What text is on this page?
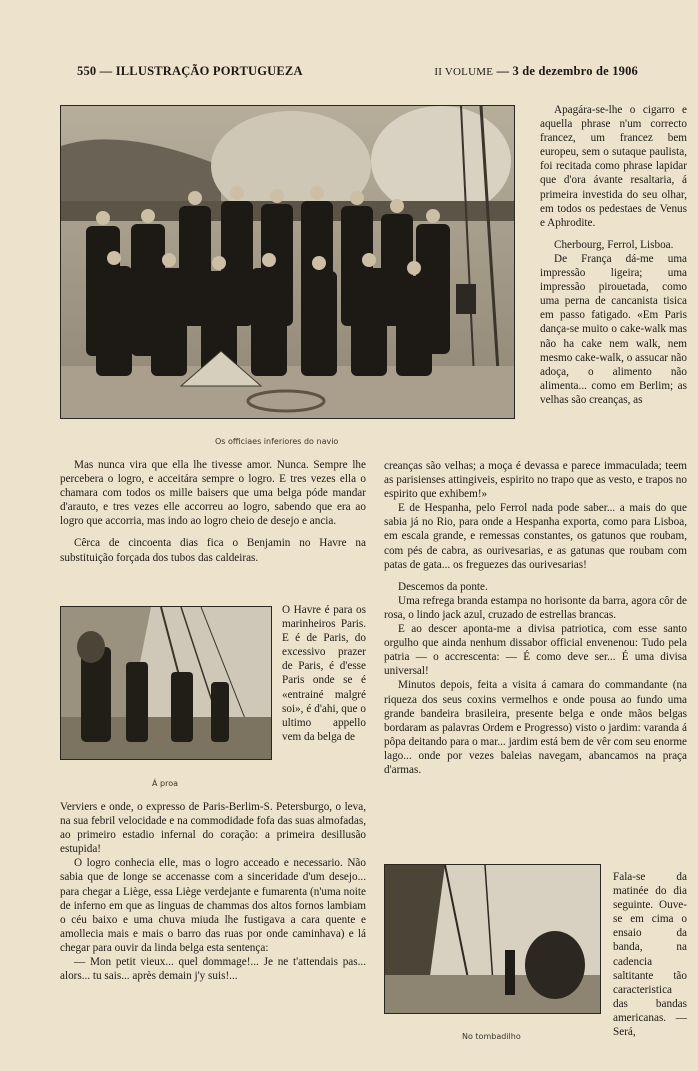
550 — ILLUSTRAÇÃO PORTUGUEZA	II VOLUME — 3 de dezembro de 1906
Os officiaes inferiores do navio

Apagára-se-lhe o cigarro e aquella phrase n'um correcto francez, um francez bem europeu, sem o sutaque paulista, foi recitada como phrase lapidar que d'ora ávante resaltaria, á primeira investida do seu olhar, em todos os pedestaes de Venus e Aphrodite.

Cherbourg, Ferrol, Lisboa.

De França dá-me uma impressão ligeira; uma impressão pirouetada, como uma perna de cancanista tisica em passo fatigado. «Em Paris dança-se muito o cake-walk mas não ha cake nem walk, nem mesmo cake-walk, o assucar não adoça, o alimento não alimenta... como em Berlim; as velhas são creanças, as

Mas nunca vira que ella lhe tivesse amor. Nunca. Sempre lhe percebera o logro, e acceitára sempre o logro. E tres vezes ella o chamara com todos os mille baisers que uma belga póde mandar d'arauto, e tres vezes elle accorreu ao logro, sabendo que era ao logro que accorria, mas indo ao logro cheio de desejo e ancia.

Cêrca de cincoenta dias fica o Benjamin no Havre na substituição forçada dos tubos das caldeiras.

Á proa

O Havre é para os marinheiros Paris. E é de Paris, do excessivo prazer de Paris, é d'esse Paris onde se é «entrainé malgré soi», é d'ahi, que o ultimo appello vem da belga de

Verviers e onde, o expresso de Paris-Berlim-S. Petersburgo, o leva, na sua febril velocidade e na commodidade fofa das suas almofadas, ao primeiro estadio infernal do coração: a primeira desillusão estupida!

O logro conhecia elle, mas o logro acceado e necessario. Não sabia que de longe se accenasse com a sinceridade d'um desejo... para chegar a Liège, essa Liège verdejante e fumarenta (n'uma noite de inferno em que as linguas de chammas dos altos fornos lambiam o céu baixo e uma chuva miuda lhe fustigava a cara quente e amollecia mais e mais o barro das ruas por onde caminhava) e lá chegar para ouvir da linda belga esta sentença:

— Mon petit vieux... quel dommage!... Je ne t'attendais pas... alors... tu sais... après demain j'y suis!...

creanças são velhas; a moça é devassa e parece immaculada; teem as parisienses attingiveis, espirito no trapo que as vesto, e trapos no espirito que exhibem!»

E de Hespanha, pelo Ferrol nada pode saber... a mais do que sabia já no Rio, para onde a Hespanha exporta, como para Lisboa, em escala grande, e remessas constantes, os gatunos que roubam, com pés de cabra, as ourivesarias, e as gatunas que roubam com patas de gata... os freguezes das ourivesarias!

Descemos da ponte.

Uma refrega branda estampa no horisonte da barra, agora côr de rosa, o lindo jack azul, cruzado de estrellas brancas.

E ao descer aponta-me a divisa patriotica, com esse santo orgulho que ainda nenhum dissabor official envenenou: Tudo pela patria — o accrescenta: — É como deve ser... É uma divisa universal!

Minutos depois, feita a visita á camara do commandante (na riqueza dos seus coxins vermelhos e onde pousa ao fundo uma grande bandeira brasileira, presente belga e onde mãos belgas bordaram as palavras Ordem e Progresso) visto o jardim: varanda á pôpa deitando para o mar... jardim está bem de vêr com seu enorme lago... onde por vezes baleias navegam, abancamos na praça d'armas.

No tombadilho

Fala-se da matinée do dia seguinte. Ouve-se em cima o ensaio da banda, na cadencia saltitante tão caracteristica das bandas americanas. — Será,
